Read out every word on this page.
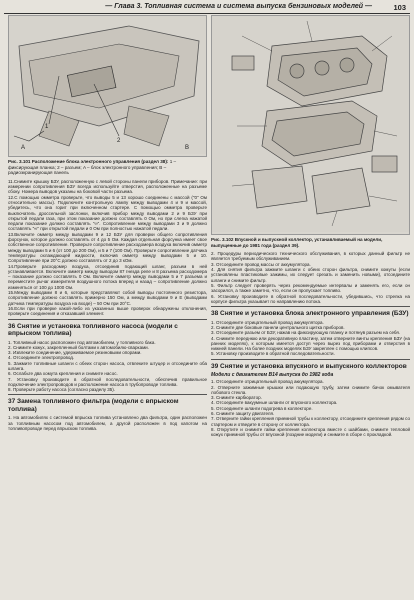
— Глава 3. Топливная система и система выпуска бензиновых моделей —	103
A
1
2
B
Рис. 3.101 Расположение блока электронного управления (раздел 38): 1 – фиксирующая планка; 2 – разъем; A – блок электронного управления; B – радиоэкранирующая панель
11.Снимите крышку БЗУ, расположенную с левой стороны панели приборов. Примечание: при измерении сопротивления БЗУ всегда используйте отверстия, расположенные на разъеме сбоку. Номера выводов указаны на боковой части разъема.
12.С помощью омметра проверьте, что выводы 5 и 13 хорошо соединены с массой ("0" Ом относительно массы). Подключите контрольную лампу между выводами 4 и 9 и массой, убедитесь, что она горит при включенном стартере. С помощью омметра проверьте выключатель дроссельной заслонки, включив прибор между выводами 2 и 9 БЗУ при открытой педали газа, при этом показание должно составлять 0 Ом, но при слегка нажатой педали показание должно составлять "∞". Сопротивление между выводами 3 и 9 должно составлять "∞" при открытой педали и 0 Ом при полностью нажатой педали.
13.Включите омметр между выводами 9 и 12 БЗУ для проверки общего сопротивления форсунок, которое должно составлять от 4 до 5 Ом. Каждая отдельная форсунка имеет свое собственное сопротивление. Проверьте сопротивление расходомера воздуха включив омметр между выводами 5 и 6 (от 100 до 200 Ом), и 5 и 7 (100 Ом). Проверьте сопротивление датчика температуры охлаждающей жидкости, включив омметр между выводами 5 и 10. Сопротивление при 20°С должно составлять от 2 до 3 кОм.
14.Проверьте расходомер воздуха, отсоединив подающий шланг, разъем в ней устанавливается. Включите омметр между выводом 87 гнезда реле и 8 разъема расходомера – показание должно составлять 0 Ом. Включите омметр между выводами 5 и 7 разъема и переместите рычаг измерителя воздушного потока вперед и назад – сопротивление должно изменяться от 100 до 1000 Ом.
15.Между выводами 8 и 6, которые представляют собой выводы постоянного резистора, сопротивление должно составлять примерно 150 Ом, а между выводами 9 и E (выводами датчика температуры воздуха на входе) – 50 Ом при 20°С.
16.Если при проверке какой-либо из указанных выше проверок обнаружены отклонения, проверьте соединения и отказавший элемент.
36 Снятие и установка топливного насоса (модели с впрыском топлива)
1. Топливный насос расположен под автомобилем, у топливного бака.
2. Снимите кожух, закрепленный болтами к автомобилю-сварками.
3. Извлеките соединение, удерживаемое резиновыми опорами.
4. Отсоедините электропровод.
5. Зажмите топливные шланги с обеих сторон насоса, отвлеките штуцер и отсоедините оба шланга.
6. Ослабьте два хомута крепления и снимите насос.
7. Установку производите в обратной последовательности, обеспечив правильное подключение электропроводов и расположение насоса в трубопроводе топлива.
8. Проверьте работу насоса (согласно разделу 35).
37 Замена топливного фильтра (модели с впрыском топлива)
1. На автомобилях с системой впрыска топлива установлено два фильтра, один расположен за топливным насосом под автомобилем, а другой расположен в под капотом на топливопроводе перед впрыском топлива.
Рис. 3.102 Впускной и выпускной коллектор, устанавливаемый на модели, выпущенные до 1981 года (раздел 39).
2. Процедуры периодического технического обслуживания, в которых данный фильтр не является требуемым обслуживанием.
3. Отсоедините провод массы от аккумулятора.
4. Для снятия фильтра зажмите шланги с обеих сторон фильтра, снимите хомуты (если установлены пластиковые зажимы, их следует срезать и заменить новыми), отсоедините шланги и снимите фильтр.
5. Фильтр следует проверять через рекомендуемые интервалы и заменять его, если он засорился, а также заметно, что, если он пропускает топливо.
6. Установку производите в обратной последовательности, убедившись, что стрелка на корпусе фильтра указывает по направлению потока.
38 Снятие и установка блока электронного управления (БЗУ)
1. Отсоедините отрицательный провод аккумулятора.
2. Снимите две боковые панели центрального щитка приборов.
3. Отсоедините разъем от БЗУ, нажав на фиксирующую планку и потянув разъем на себя.
4. Снимите переднюю или декоративную пластину, затем отверните винты крепления БЗУ (на ранних моделях), к которым имеется доступ через вырез под приборами и отверстия в нижней панели. На более поздних моделях БЗУ закреплен с помощью клипсов.
5. Установку производите в обратной последовательности.
39 Снятие и установка впускного и выпускного коллекторов
Модели с двигателем B14 выпуска до 1982 года
1. Отсоедините отрицательный провод аккумулятора.
2. Отверните зажимные крышки или подающую трубу, затем снимите бачок омывателя лобового стекла.
3. Снимите карбюратор.
4. Отсоедините вакуумные шланги от впускного коллектора.
5. Отсоедините шланги подогрева в коллекторе.
6. Снимите защиту двигателя.
7. Отверните гайки крепления приемной трубы к коллектору, отсоедините крепления рядом со стартером и отведите в сторону от коллектора.
8. Открутите и снимите гайки крепления коллектора вместе с шайбами, снимите тепловой кожух приемной трубы от впускной (поздние модели) и снимите в сборе с прокладкой.
